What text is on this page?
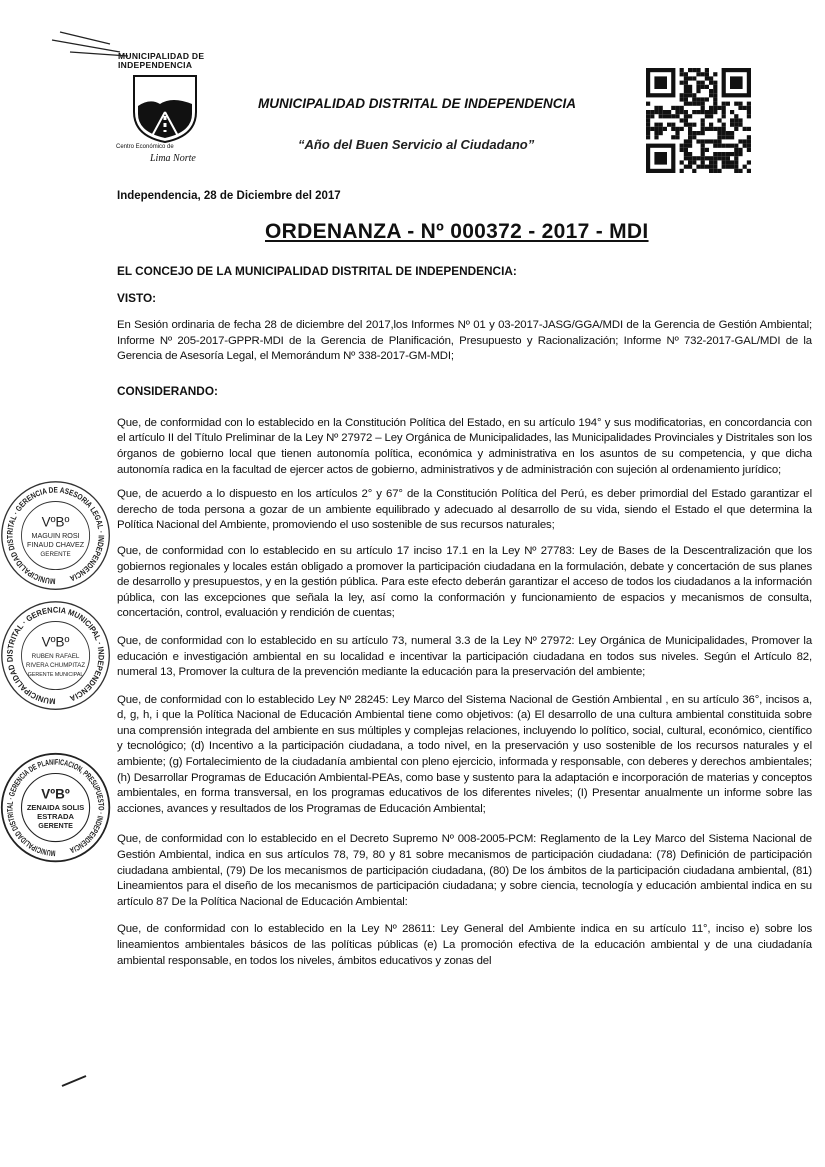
MUNICIPALIDAD DE
INDEPENDENCIA
Centro Económico de
Lima Norte
MUNICIPALIDAD DISTRITAL DE INDEPENDENCIA
“Año del Buen Servicio al Ciudadano”
Independencia, 28 de Diciembre del 2017
ORDENANZA - Nº 000372 - 2017 - MDI
EL CONCEJO DE LA MUNICIPALIDAD DISTRITAL DE INDEPENDENCIA:
VISTO:

En Sesión ordinaria de fecha 28 de diciembre del 2017,los Informes Nº 01 y 03-2017-JASG/GGA/MDI de la Gerencia de Gestión Ambiental; Informe Nº 205-2017-GPPR-MDI de la Gerencia de Planificación, Presupuesto y Racionalización; Informe Nº 732-2017-GAL/MDI de la Gerencia de Asesoría Legal, el Memorándum Nº 338-2017-GM-MDI;

CONSIDERANDO:

Que, de conformidad con lo establecido en la Constitución Política del Estado, en su artículo 194° y sus modificatorias, en concordancia con el artículo II del Título Preliminar de la Ley Nº 27972 – Ley Orgánica de Municipalidades, las Municipalidades Provinciales y Distritales son los órganos de gobierno local que tienen autonomía política, económica y administrativa en los asuntos de su competencia, y que dicha autonomía radica en la facultad de ejercer actos de gobierno, administrativos y de administración con sujeción al ordenamiento jurídico;

Que, de acuerdo a lo dispuesto en los artículos 2° y 67° de la Constitución Política del Perú, es deber primordial del Estado garantizar el derecho de toda persona a gozar de un ambiente equilibrado y adecuado al desarrollo de su vida, siendo el Estado el que determina la Política Nacional del Ambiente, promoviendo el uso sostenible de sus recursos naturales;

Que, de conformidad con lo establecido en su artículo 17 inciso 17.1 en la Ley Nº 27783: Ley de Bases de la Descentralización que los gobiernos regionales y locales están obligado a promover la participación ciudadana en la formulación, debate y concertación de sus planes de desarrollo y presupuestos, y en la gestión pública. Para este efecto deberán garantizar el acceso de todos los ciudadanos a la información pública, con las excepciones que señala la ley, así como la conformación y funcionamiento de espacios y mecanismos de consulta, concertación, control, evaluación y rendición de cuentas;

Que, de conformidad con lo establecido en su artículo 73, numeral 3.3 de la Ley Nº 27972: Ley Orgánica de Municipalidades, Promover la educación e investigación ambiental en su localidad e incentivar la participación ciudadana en todos sus niveles. Según el Artículo 82, numeral 13, Promover la cultura de la prevención mediante la educación para la preservación del ambiente;

Que, de conformidad con lo establecido Ley Nº 28245: Ley Marco del Sistema Nacional de Gestión Ambiental , en su artículo 36°, incisos a, d, g, h, i que la Política Nacional de Educación Ambiental tiene como objetivos: (a) El desarrollo de una cultura ambiental constituida sobre una comprensión integrada del ambiente en sus múltiples y complejas relaciones, incluyendo lo político, social, cultural, económico, científico y tecnológico; (d) Incentivo a la participación ciudadana, a todo nivel, en la preservación y uso sostenible de los recursos naturales y el ambiente; (g) Fortalecimiento de la ciudadanía ambiental con pleno ejercicio, informada y responsable, con deberes y derechos ambientales; (h) Desarrollar Programas de Educación Ambiental-PEAs, como base y sustento para la adaptación e incorporación de materias y conceptos ambientales, en forma transversal, en los programas educativos de los diferentes niveles; (I) Presentar anualmente un informe sobre las acciones, avances y resultados de los Programas de Educación Ambiental;

Que, de conformidad con lo establecido en el Decreto Supremo Nº 008-2005-PCM: Reglamento de la Ley Marco del Sistema Nacional de Gestión Ambiental, indica en sus artículos 78, 79, 80 y 81 sobre mecanismos de participación ciudadana: (78) Definición de participación ciudadana ambiental, (79) De los mecanismos de participación ciudadana, (80) De los ámbitos de la participación ciudadana ambiental, (81) Lineamientos para el diseño de los mecanismos de participación ciudadana; y sobre ciencia, tecnología y educación ambiental indica en su artículo 87 De la Política Nacional de Educación Ambiental:

Que, de conformidad con lo establecido en la Ley Nº 28611: Ley General del Ambiente indica en su artículo 11°, inciso e) sobre los lineamientos ambientales básicos de las políticas públicas (e) La promoción efectiva de la educación ambiental y de una ciudadanía ambiental responsable, en todos los niveles, ámbitos educativos y zonas del

MUNICIPALIDAD DISTRITAL · GERENCIA DE ASESORIA LEGAL · INDEPENDENCIA
VºBº
MAGUIN ROSI
FINAUD CHAVEZ
GERENTE
MUNICIPALIDAD DISTRITAL · GERENCIA MUNICIPAL · INDEPENDENCIA
VºBº
RUBEN RAFAEL
RIVERA CHUMPITAZ
GERENTE MUNICIPAL
MUNICIPALIDAD DISTRITAL · GERENCIA DE PLANIFICACION, PRESUPUESTO · INDEPENDENCIA
VºBº
ZENAIDA SOLIS
ESTRADA
GERENTE
